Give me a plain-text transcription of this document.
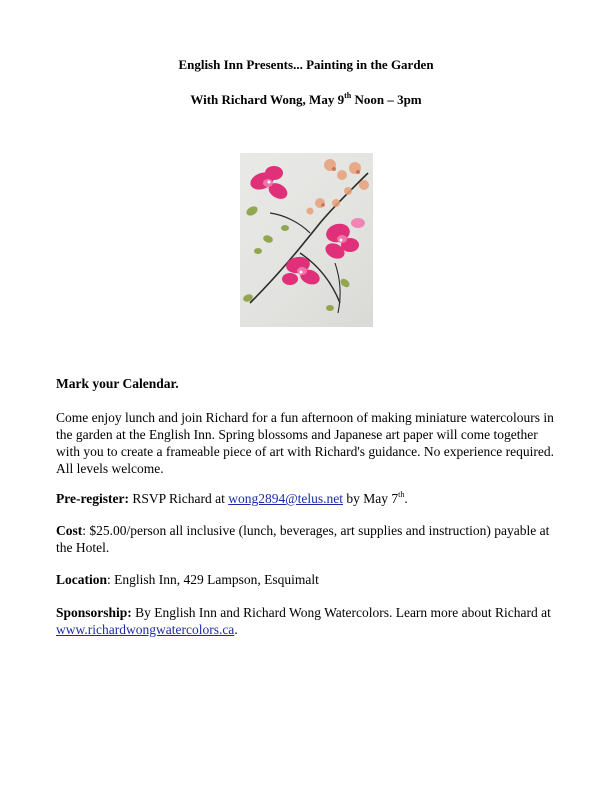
English Inn Presents... Painting in the Garden
With Richard Wong, May 9th Noon – 3pm
Mark your Calendar.
Come enjoy lunch and join Richard for a fun afternoon of making miniature watercolours in the garden at the English Inn. Spring blossoms and Japanese art paper will come together with you to create a frameable piece of art with Richard's guidance. No experience required. All levels welcome.
Pre-register: RSVP Richard at wong2894@telus.net by May 7th.
Cost: $25.00/person all inclusive (lunch, beverages, art supplies and instruction) payable at the Hotel.
Location: English Inn, 429 Lampson, Esquimalt
Sponsorship: By English Inn and Richard Wong Watercolors. Learn more about Richard at www.richardwongwatercolors.ca.
